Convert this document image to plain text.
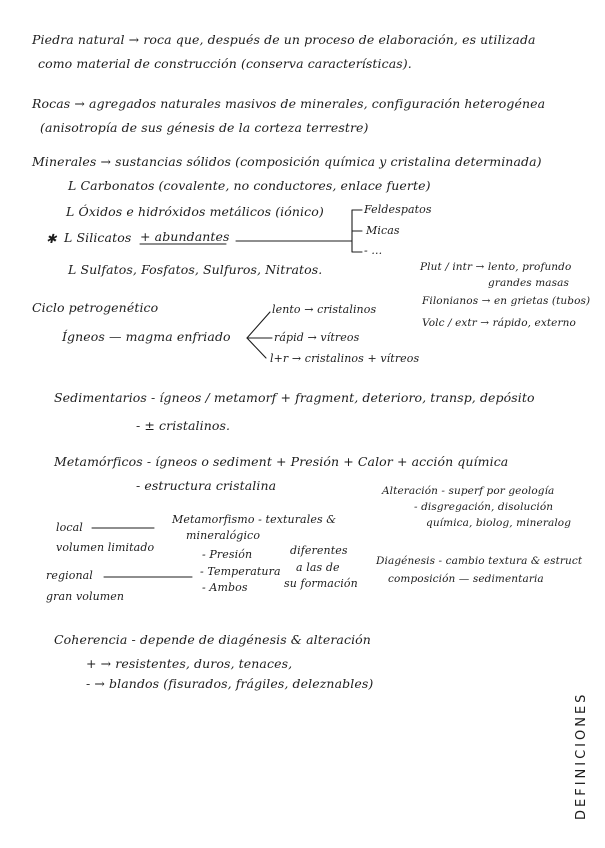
Piedra natural → roca que, después de un proceso de elaboración, es utilizada
como material de construcción (conserva características).
Rocas → agregados naturales masivos de minerales, configuración heterogénea
(anisotropía de sus génesis de la corteza terrestre)
Minerales → sustancias sólidos (composición química y cristalina determinada)
L Carbonatos (covalente, no conductores, enlace fuerte)
L Óxidos e hidróxidos metálicos (iónico)
✱ L Silicatos + abundantes
Feldespatos
Micas
- ...
L Sulfatos, Fosfatos, Sulfuros, Nitratos.	Plut / intr → lento, profundo
grandes masas
Ciclo petrogenético
Ígneos — magma enfriado
lento → cristalinos
rápid → vítreos
l+r → cristalinos + vítreos
Filonianos → en grietas (tubos)
Volc / extr → rápido, externo
Sedimentarios - ígneos / metamorf + fragment, deterioro, transp, depósito
- ± cristalinos.
Metamórficos - ígneos o sediment + Presión + Calor + acción química
- estructura cristalina	Alteración - superf por geología
- disgregación, disolución
química, biolog, mineralog
local
volumen limitado
regional
gran volumen
Metamorfismo - texturales &
mineralógico
- Presión
- Temperatura
- Ambos
diferentes
a las de
su formación
Diagénesis - cambio textura & estruct
composición — sedimentaria
Coherencia - depende de diagénesis & alteración
+ → resistentes, duros, tenaces,
- → blandos (fisurados, frágiles, deleznables)
DEFINICIONES
